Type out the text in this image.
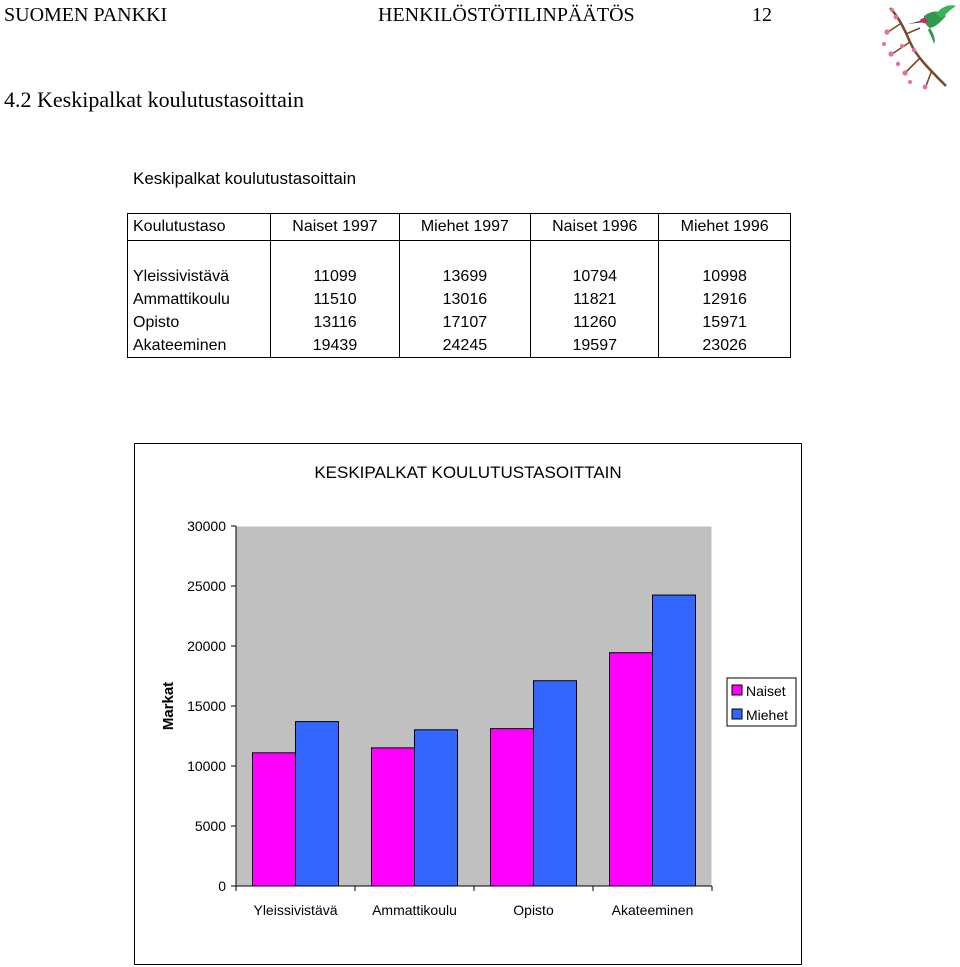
SUOMEN PANKKI	HENKILÖSTÖTILINPÄÄTÖS	12
4.2 Keskipalkat koulutustasoittain
Keskipalkat koulutustasoittain
Koulutustaso	Naiset 1997	Miehet 1997	Naiset 1996	Miehet 1996

Yleissivistävä	11099	13699	10794	10998
Ammattikoulu	11510	13016	11821	12916
Opisto	13116	17107	11260	15971
Akateeminen	19439	24245	19597	23026
KESKIPALKAT KOULUTUSTASOITTAIN
0
5000
10000
15000
20000
25000
30000
Markat
Yleissivistävä Ammattikoulu	Opisto	Akateeminen
Naiset
Miehet
